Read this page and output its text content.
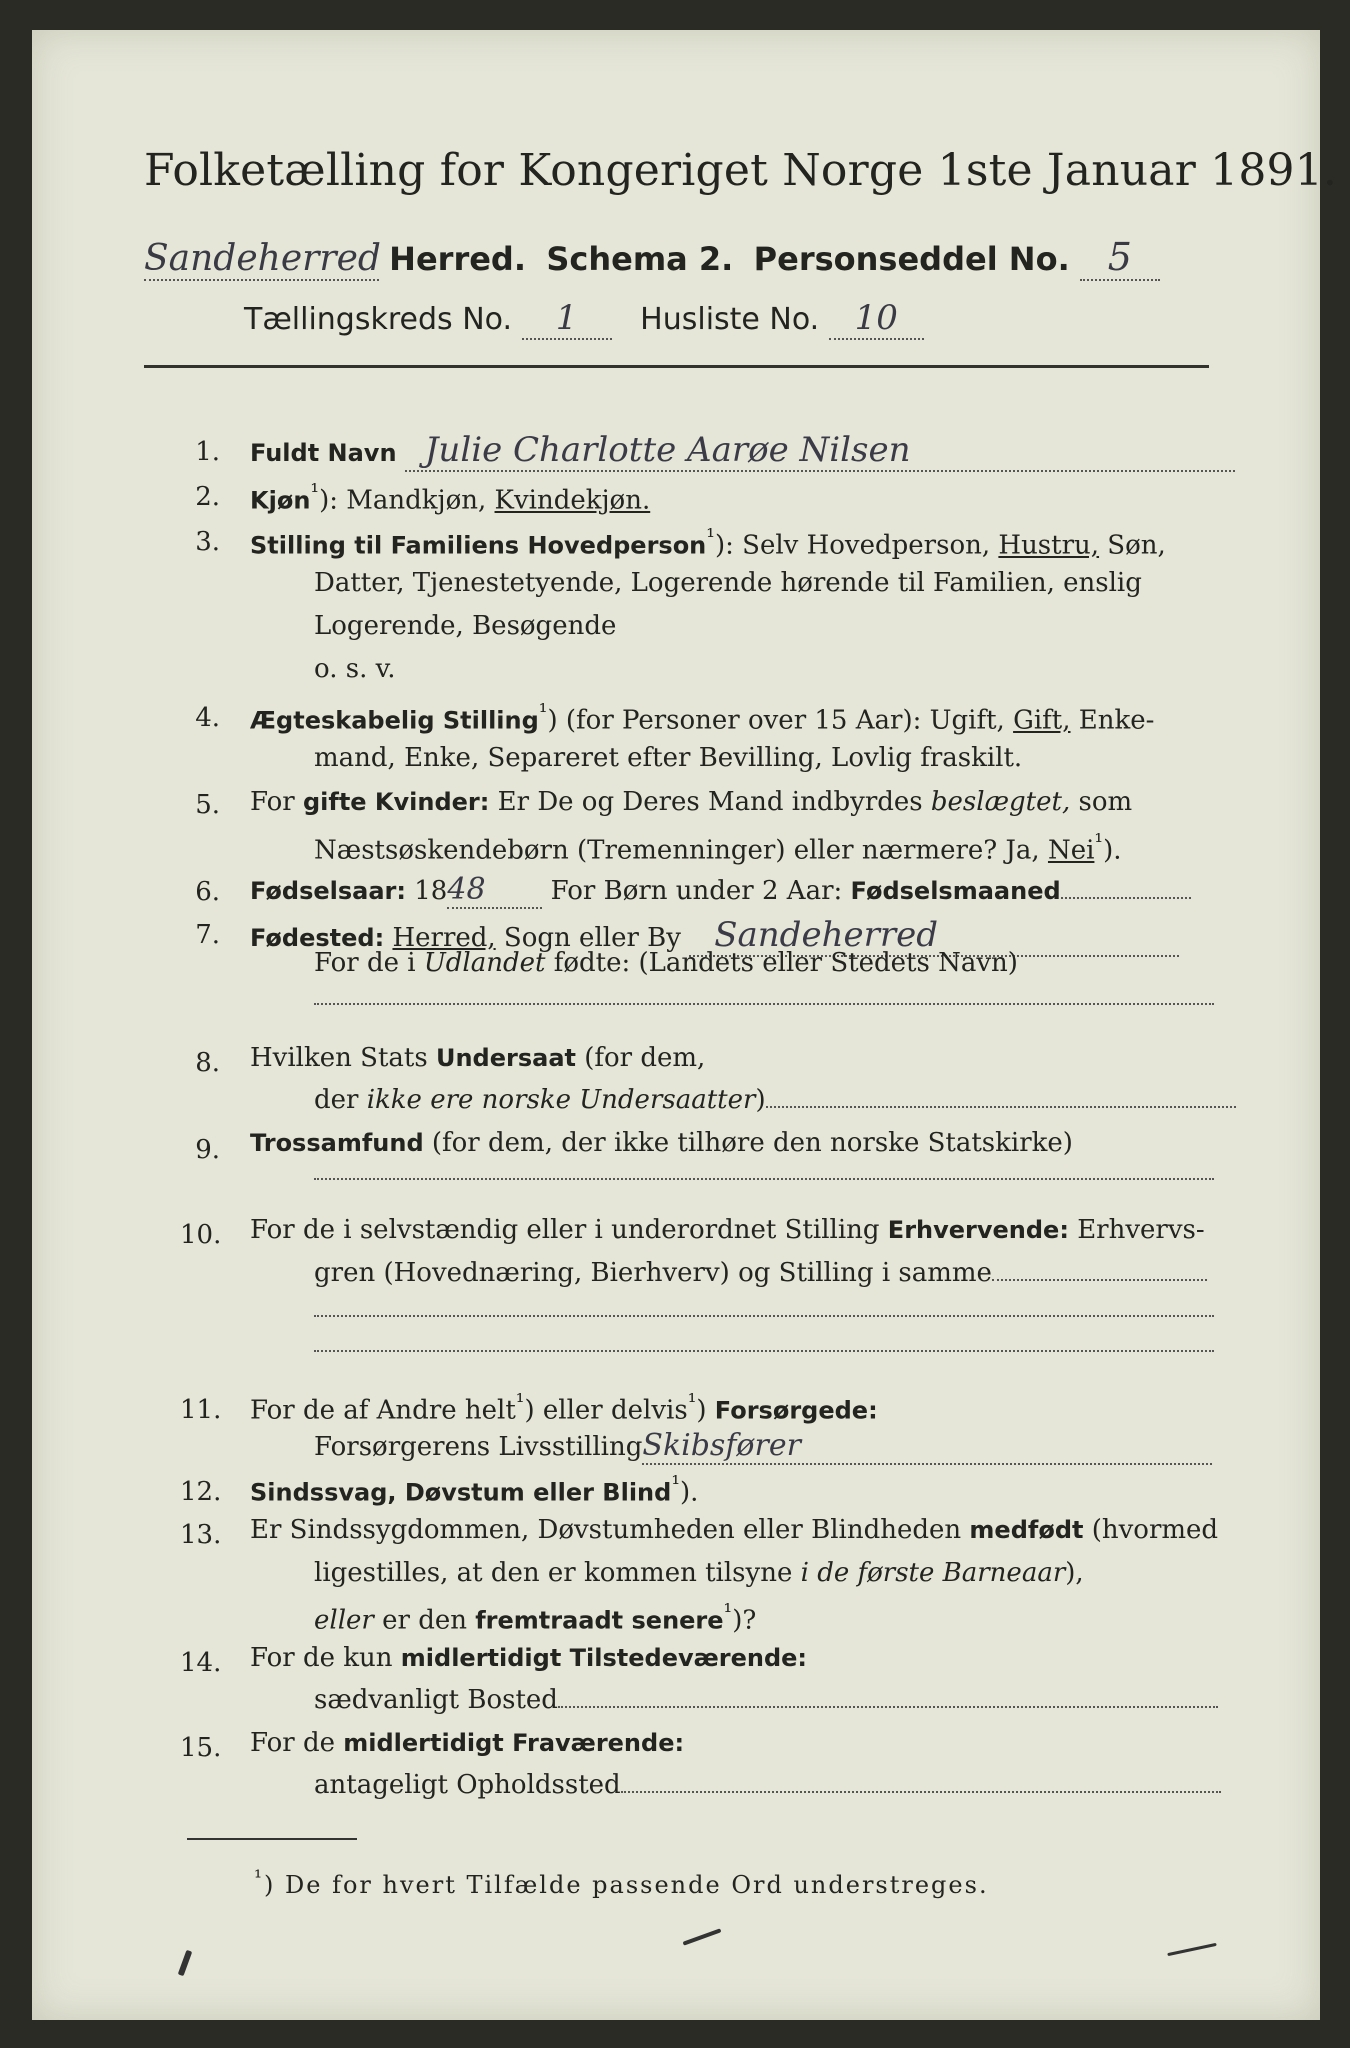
Folketælling for Kongeriget Norge 1ste Januar 1891.
Sandeherred Herred. Schema 2. Personseddel No. 5
Tællingskreds No. 1 Husliste No. 10
1. Fuldt Navn Julie Charlotte Aarøe Nilsen
2. Kjøn$^{^1}$): Mandkjøn, Kvindekjøn.
3. Stilling til Familiens Hovedperson$^{^1}$): Selv Hovedperson, Hustru, Søn,
Datter, Tjenestetyende, Logerende hørende til Familien, enslig
Logerende, Besøgende
o. s. v.
4. Ægteskabelig Stilling$^{^1}$) (for Personer over 15 Aar): Ugift, Gift, Enke-
mand, Enke, Separeret efter Bevilling, Lovlig fraskilt.
5. For gifte Kvinder: Er De og Deres Mand indbyrdes beslægtet, som
Næstsøskendebørn (Tremenninger) eller nærmere? Ja, Nei$^{^1}$).
6. Fødselsaar: 1848	For Børn under 2 Aar: Fødselsmaaned
7. Fødested: Herred, Sogn eller By Sandeherred
For de i Udlandet fødte: (Landets eller Stedets Navn)
8. Hvilken Stats Undersaat (for dem,
der ikke ere norske Undersaatter)
9. Trossamfund (for dem, der ikke tilhøre den norske Statskirke)
10. For de i selvstændig eller i underordnet Stilling Erhvervende: Erhvervs-
gren (Hovednæring, Bierhverv) og Stilling i samme
11. For de af Andre helt$^{^1}$) eller delvis$^{^1}$) Forsørgede:
Forsørgerens LivsstillingSkibsfører
12. Sindssvag, Døvstum eller Blind$^{^1}$).
13. Er Sindssygdommen, Døvstumheden eller Blindheden medfødt (hvormed
ligestilles, at den er kommen tilsyne i de første Barneaar),
eller er den fremtraadt senere$^{^1}$)?
14. For de kun midlertidigt Tilstedeværende:
sædvanligt Bosted
15. For de midlertidigt Fraværende:
antageligt Opholdssted
$^{^1}$) De for hvert Tilfælde passende Ord understreges.
